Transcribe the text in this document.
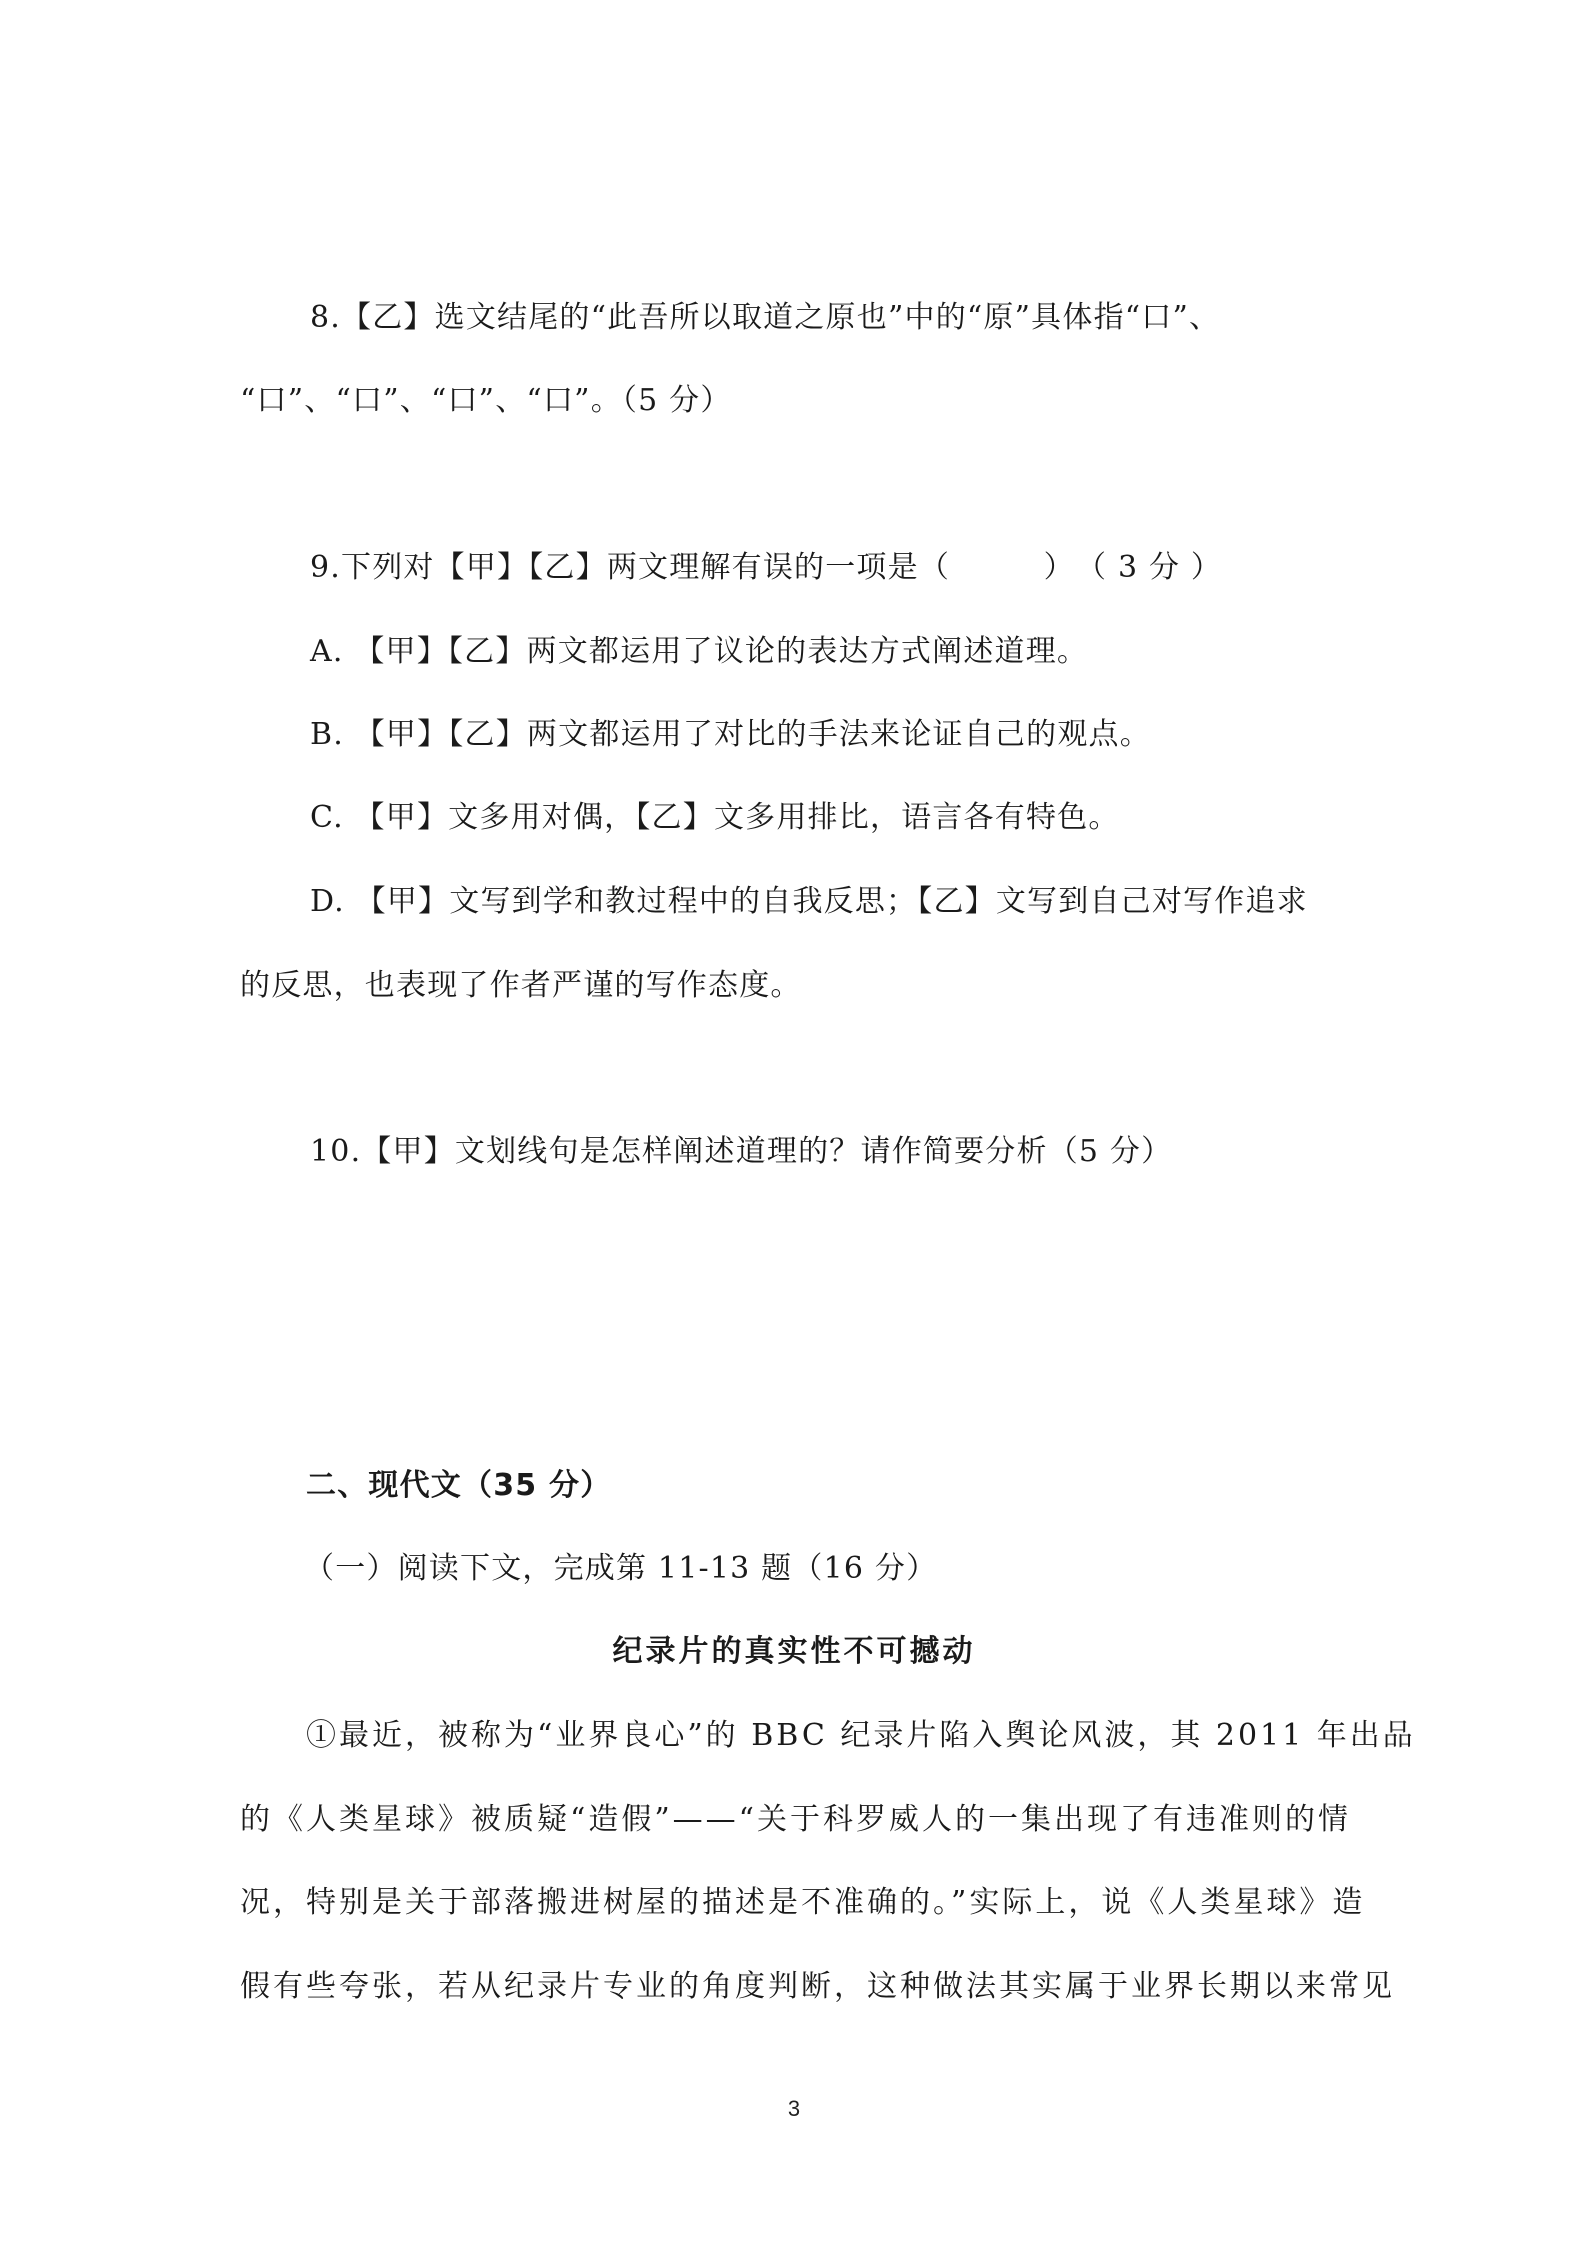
8.【乙】选文结尾的“此吾所以取道之原也”中的“原”具体指“口”、
“口”、“口”、“口”、“口”。（5 分）
9.下列对【甲】【乙】两文理解有误的一项是（　　　）　（ 3 分 ）
A. 【甲】【乙】两文都运用了议论的表达方式阐述道理。
B. 【甲】【乙】两文都运用了对比的手法来论证自己的观点。
C. 【甲】文多用对偶，【乙】文多用排比，语言各有特色。
D. 【甲】文写到学和教过程中的自我反思；【乙】文写到自己对写作追求
的反思，也表现了作者严谨的写作态度。
10.【甲】文划线句是怎样阐述道理的？请作简要分析（5 分）
二、现代文（35 分）
（一）阅读下文，完成第 11-13 题（16 分）
纪录片的真实性不可撼动
①最近，被称为“业界良心”的 BBC 纪录片陷入舆论风波，其 2011 年出品
的《人类星球》被质疑“造假”——“关于科罗威人的一集出现了有违准则的情
况，特别是关于部落搬进树屋的描述是不准确的。”实际上，说《人类星球》造
假有些夸张，若从纪录片专业的角度判断，这种做法其实属于业界长期以来常见
3
